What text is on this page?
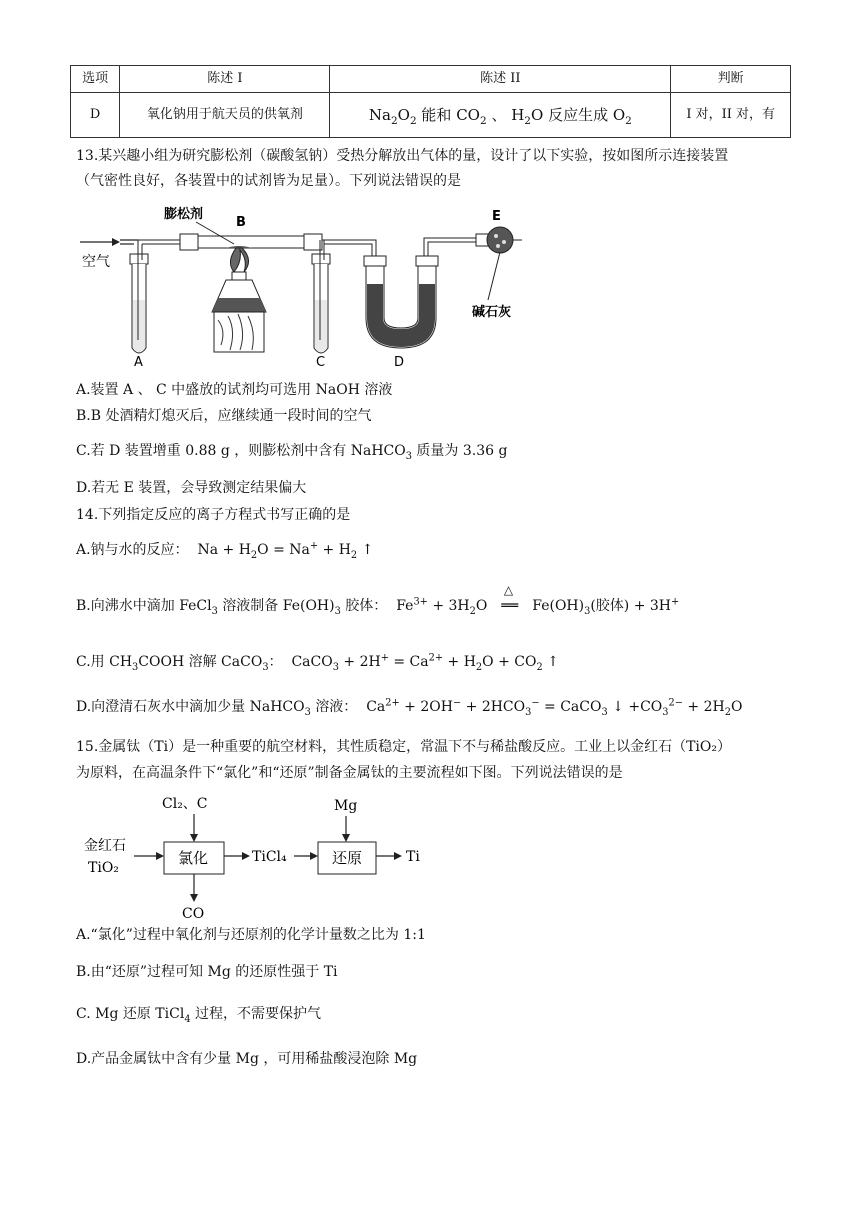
选项	陈述 I	陈述 II	判断
D	氧化钠用于航天员的供氧剂	$Na_2O_2$ 能和 $CO_2$ 、 $H_2O$ 反应生成 $O_2$	I 对，II 对，有
13.某兴趣小组为研究膨松剂（碳酸氢钠）受热分解放出气体的量，设计了以下实验，按如图所示连接装置
（气密性良好，各装置中的试剂皆为足量）。下列说法错误的是
空气
A
膨松剂
B
C	D
E
碱石灰
A.装置 A 、 C 中盛放的试剂均可选用 NaOH 溶液
B.B 处酒精灯熄灭后，应继续通一段时间的空气
C.若 D 装置增重 0.88 g ，则膨松剂中含有 NaHCO$_3$ 质量为 3.36 g
D.若无 E 装置，会导致测定结果偏大
14.下列指定反应的离子方程式书写正确的是
A.钠与水的反应：  $Na + H_2O = Na^+ + H_2$ ↑
B.向沸水中滴加 FeCl$_3$ 溶液制备 $Fe(OH)_3$ 胶体：  $Fe^{3+} + 3H_2O$
△
══ $Fe(OH)_3$(胶体) + 3H+
C.用 $CH_3COOH$ 溶解 CaCO$_3$：  CaCO$_3$ + $2H^+ = Ca^{2+} + H_2O + CO_2$ ↑
D.向澄清石灰水中滴加少量 NaHCO$_3$ 溶液：  $Ca^{2+} + 2OH^- + 2HCO_3^-$ = CaCO$_3$ ↓ $+CO_3^{2-} + 2H_2O$
15.金属钛（Ti）是一种重要的航空材料，其性质稳定，常温下不与稀盐酸反应。工业上以金红石（TiO₂）
为原料，在高温条件下“氯化”和“还原”制备金属钛的主要流程如下图。下列说法错误的是
Cl₂、C
金红石
TiO₂
氯化	TiCl₄	还原
Mg
Ti
CO
A.“氯化”过程中氧化剂与还原剂的化学计量数之比为 1:1
B.由“还原”过程可知 Mg 的还原性强于 Ti
C. Mg 还原 TiCl$_4$ 过程，不需要保护气
D.产品金属钛中含有少量 Mg ，可用稀盐酸浸泡除 Mg
